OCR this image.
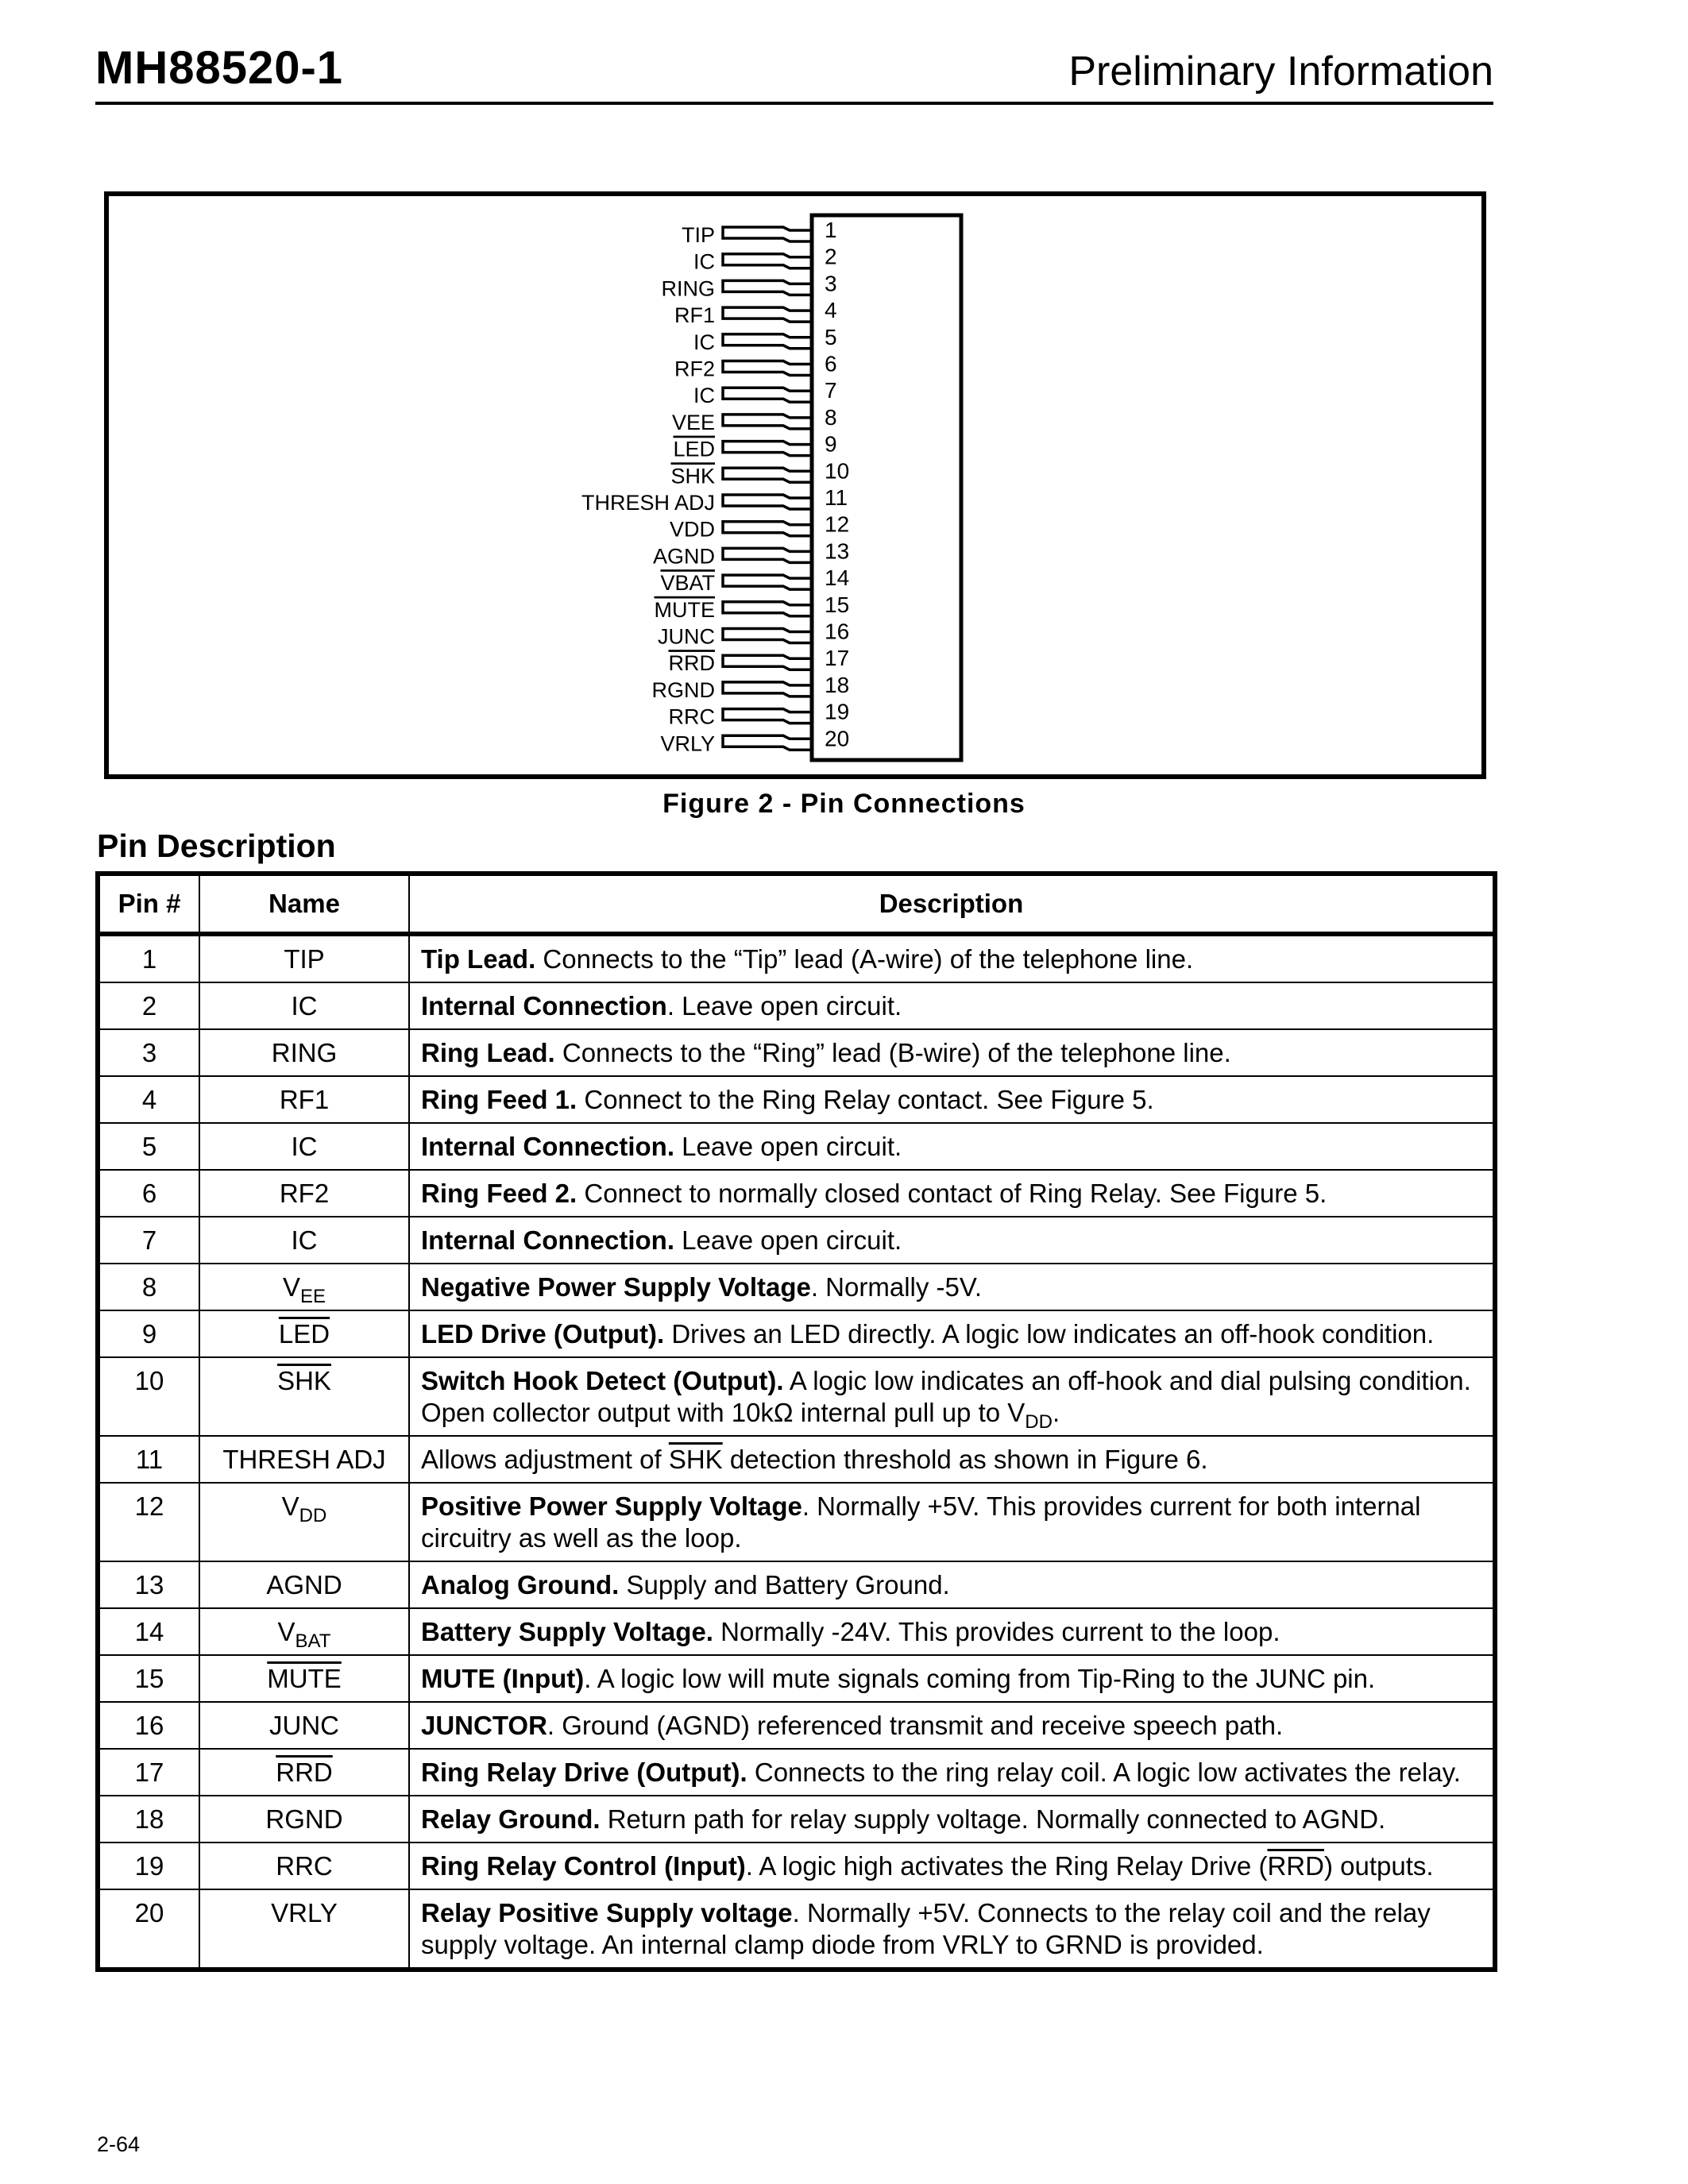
MH88520-1	Preliminary Information
TIP	1
IC	2
RING	3
RF1	4
IC	5
RF2	6
IC	7
VEE	8
LED	9
SHK	10
THRESH ADJ	11
VDD	12
AGND	13
VBAT	14
MUTE	15
JUNC	16
RRD	17
RGND	18
RRC	19
VRLY	20
Figure 2 - Pin Connections
Pin Description
Pin #	Name	Description
1	TIP	Tip Lead. Connects to the “Tip” lead (A-wire) of the telephone line.
2	IC	Internal Connection. Leave open circuit.
3	RING	Ring Lead. Connects to the “Ring” lead (B-wire) of the telephone line.
4	RF1	Ring Feed 1. Connect to the Ring Relay contact. See Figure 5.
5	IC	Internal Connection. Leave open circuit.
6	RF2	Ring Feed 2. Connect to normally closed contact of Ring Relay. See Figure 5.
7	IC	Internal Connection. Leave open circuit.
8	$V_{EE}$	Negative Power Supply Voltage. Normally -5V.
9	$\overline{LED}$	LED Drive (Output). Drives an LED directly. A logic low indicates an off-hook condition.
10	$\overline{SHK}$	Switch Hook Detect (Output). A logic low indicates an off-hook and dial pulsing condition. Open collector output with 10kΩ internal pull up to $V_{DD}$.
11	THRESH ADJ	Allows adjustment of $\overline{SHK}$ detection threshold as shown in Figure 6.
12	$V_{DD}$	Positive Power Supply Voltage. Normally +5V. This provides current for both internal circuitry as well as the loop.
13	AGND	Analog Ground. Supply and Battery Ground.
14	$V_{BAT}$	Battery Supply Voltage. Normally -24V. This provides current to the loop.
15	MUTE	MUTE (Input). A logic low will mute signals coming from Tip-Ring to the JUNC pin.
16	JUNC	JUNCTOR. Ground (AGND) referenced transmit and receive speech path.
17	$\overline{RRD}$	Ring Relay Drive (Output). Connects to the ring relay coil. A logic low activates the relay.
18	RGND	Relay Ground. Return path for relay supply voltage. Normally connected to AGND.
19	RRC	Ring Relay Control (Input). A logic high activates the Ring Relay Drive $(\overline{RRD})$ outputs.
20	VRLY	Relay Positive Supply voltage. Normally +5V. Connects to the relay coil and the relay supply voltage. An internal clamp diode from VRLY to GRND is provided.
2-64
